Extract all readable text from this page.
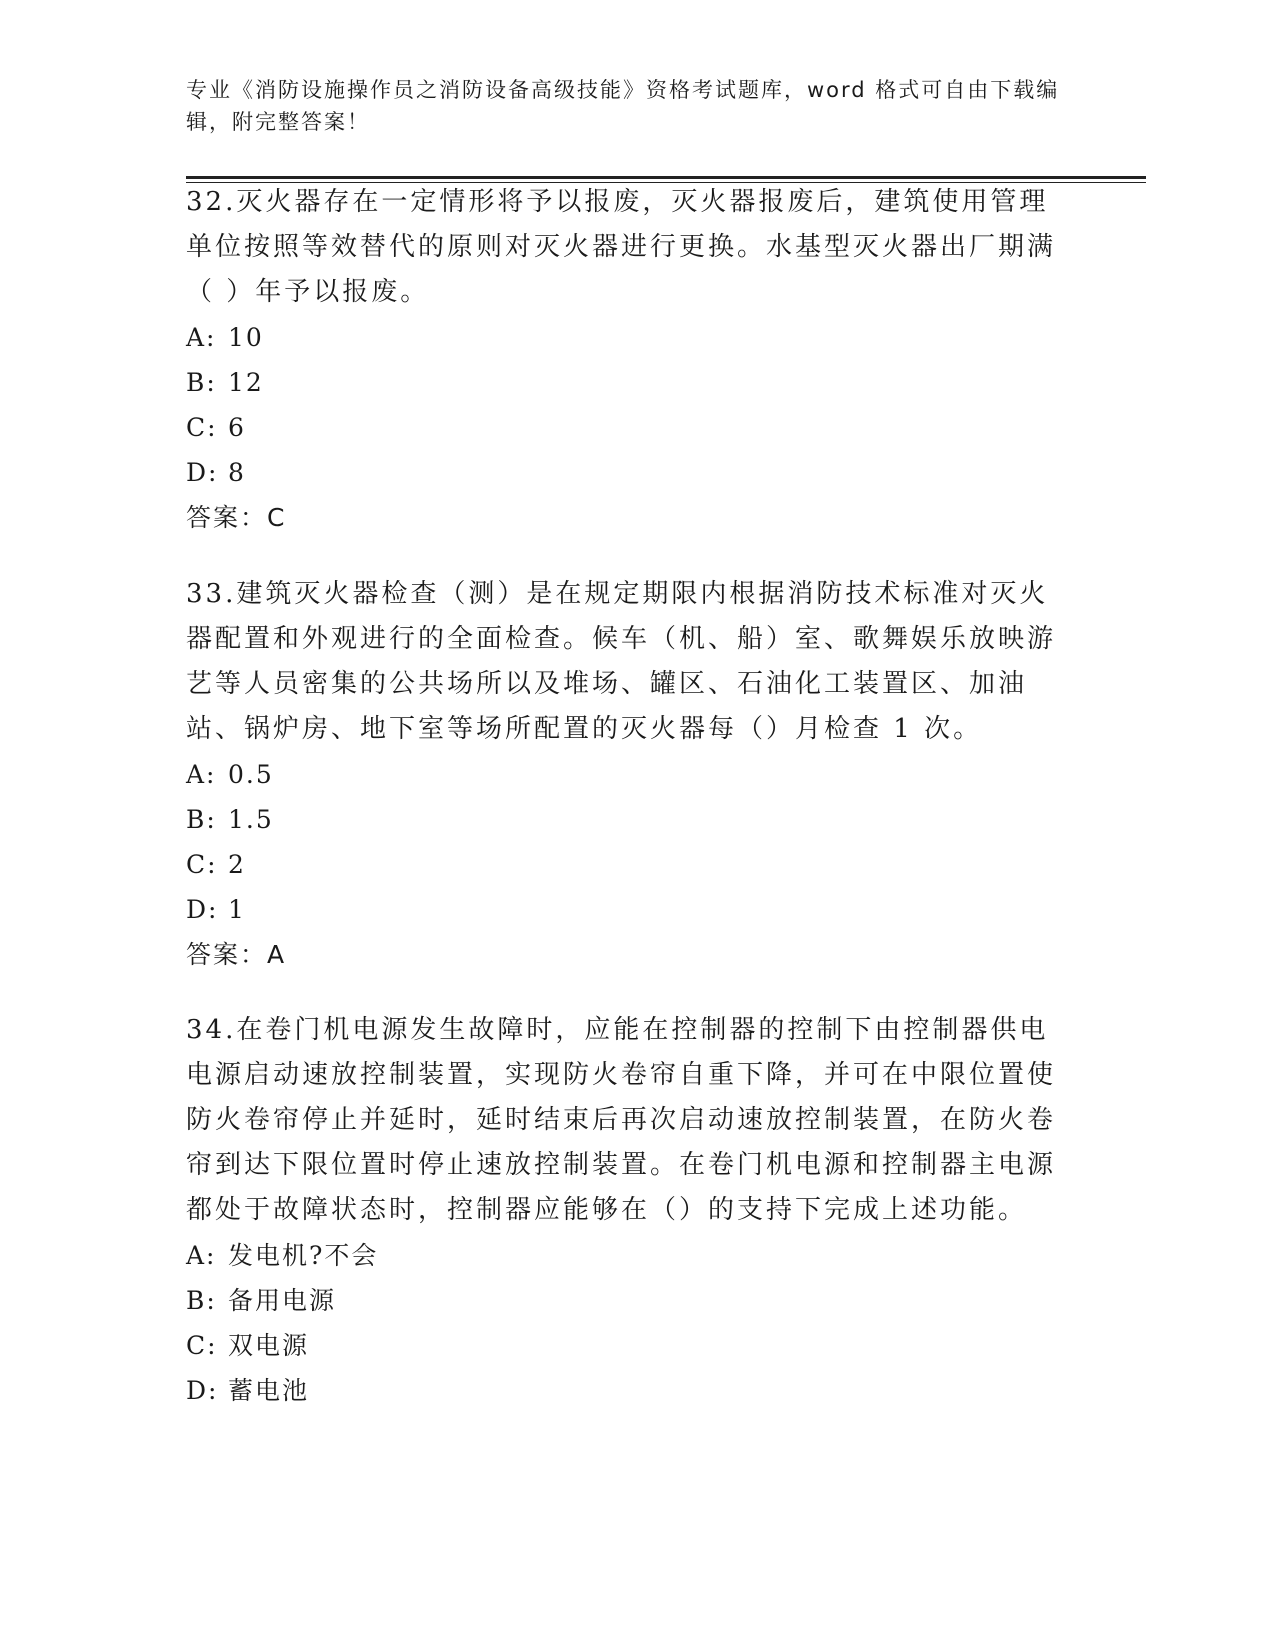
专业《消防设施操作员之消防设备高级技能》资格考试题库，word 格式可自由下载编辑，附完整答案！

32.灭火器存在一定情形将予以报废，灭火器报废后，建筑使用管理单位按照等效替代的原则对灭火器进行更换。水基型灭火器出厂期满（ ）年予以报废。

A: 10

B: 12

C: 6

D: 8

答案：C

33.建筑灭火器检查（测）是在规定期限内根据消防技术标准对灭火器配置和外观进行的全面检查。候车（机、船）室、歌舞娱乐放映游艺等人员密集的公共场所以及堆场、罐区、石油化工装置区、加油站、锅炉房、地下室等场所配置的灭火器每（）月检查 1 次。

A: 0.5

B: 1.5

C: 2

D: 1

答案：A

34.在卷门机电源发生故障时，应能在控制器的控制下由控制器供电电源启动速放控制装置，实现防火卷帘自重下降，并可在中限位置使防火卷帘停止并延时，延时结束后再次启动速放控制装置，在防火卷帘到达下限位置时停止速放控制装置。在卷门机电源和控制器主电源都处于故障状态时，控制器应能够在（）的支持下完成上述功能。

A: 发电机?不会

B: 备用电源

C: 双电源

D: 蓄电池
